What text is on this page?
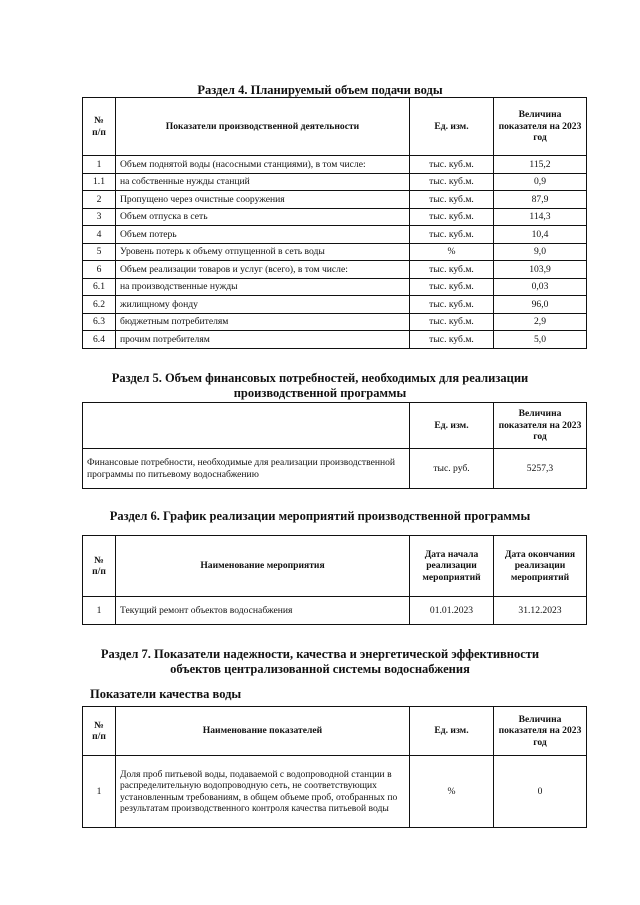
Раздел 4. Планируемый объем подачи воды
№
п/п	Показатели производственной деятельности	Ед. изм.	Величина показателя на 2023 год
1	Объем поднятой воды (насосными станциями), в том числе:	тыс. куб.м.	115,2
1.1	на собственные нужды станций	тыс. куб.м.	0,9
2	Пропущено через очистные сооружения	тыс. куб.м.	87,9
3	Объем отпуска в сеть	тыс. куб.м.	114,3
4	Объем потерь	тыс. куб.м.	10,4
5	Уровень потерь к объему отпущенной в сеть воды	%	9,0
6	Объем реализации товаров и услуг (всего), в том числе:	тыс. куб.м.	103,9
6.1	на производственные нужды	тыс. куб.м.	0,03
6.2	жилищному фонду	тыс. куб.м.	96,0
6.3	бюджетным потребителям	тыс. куб.м.	2,9
6.4	прочим потребителям	тыс. куб.м.	5,0
Раздел 5. Объем финансовых потребностей, необходимых для реализации
производственной программы
	Ед. изм.	Величина показателя на 2023 год
Финансовые потребности, необходимые для реализации производственной программы по питьевому водоснабжению	тыс. руб.	5257,3
Раздел 6. График реализации мероприятий производственной программы
№
п/п	Наименование мероприятия	Дата начала реализации мероприятий	Дата окончания реализации мероприятий
1	Текущий ремонт объектов водоснабжения	01.01.2023	31.12.2023
Раздел 7. Показатели надежности, качества и энергетической эффективности
объектов централизованной системы водоснабжения
Показатели качества воды
№
п/п	Наименование показателей	Ед. изм.	Величина показателя на 2023 год
1	Доля проб питьевой воды, подаваемой с водопроводной станции в распределительную водопроводную сеть, не соответствующих установленным требованиям, в общем объеме проб, отобранных по результатам производственного контроля качества питьевой воды	%	0
